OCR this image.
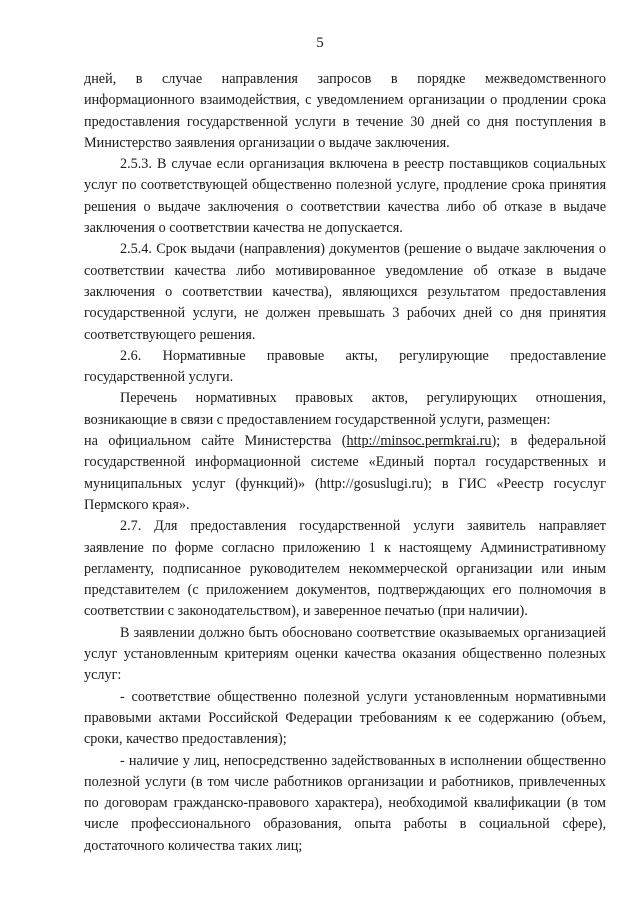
5

дней, в случае направления запросов в порядке межведомственного информационного взаимодействия, с уведомлением организации о продлении срока предоставления государственной услуги в течение 30 дней со дня поступления в Министерство заявления организации о выдаче заключения.

2.5.3. В случае если организация включена в реестр поставщиков социальных услуг по соответствующей общественно полезной услуге, продление срока принятия решения о выдаче заключения о соответствии качества либо об отказе в выдаче заключения о соответствии качества не допускается.

2.5.4. Срок выдачи (направления) документов (решение о выдаче заключения о соответствии качества либо мотивированное уведомление об отказе в выдаче заключения о соответствии качества), являющихся результатом предоставления государственной услуги, не должен превышать 3 рабочих дней со дня принятия соответствующего решения.

2.6. Нормативные правовые акты, регулирующие предоставление государственной услуги.

Перечень нормативных правовых актов, регулирующих отношения, возникающие в связи с предоставлением государственной услуги, размещен:

на официальном сайте Министерства (http://minsoc.permkrai.ru); в федеральной государственной информационной системе «Единый портал государственных и муниципальных услуг (функций)» (http://gosuslugi.ru); в ГИС «Реестр госуслуг Пермского края».

2.7. Для предоставления государственной услуги заявитель направляет заявление по форме согласно приложению 1 к настоящему Административному регламенту, подписанное руководителем некоммерческой организации или иным представителем (с приложением документов, подтверждающих его полномочия в соответствии с законодательством), и заверенное печатью (при наличии).

В заявлении должно быть обосновано соответствие оказываемых организацией услуг установленным критериям оценки качества оказания общественно полезных услуг:

- соответствие общественно полезной услуги установленным нормативными правовыми актами Российской Федерации требованиям к ее содержанию (объем, сроки, качество предоставления);

- наличие у лиц, непосредственно задействованных в исполнении общественно полезной услуги (в том числе работников организации и работников, привлеченных по договорам гражданско-правового характера), необходимой квалификации (в том числе профессионального образования, опыта работы в социальной сфере), достаточного количества таких лиц;
